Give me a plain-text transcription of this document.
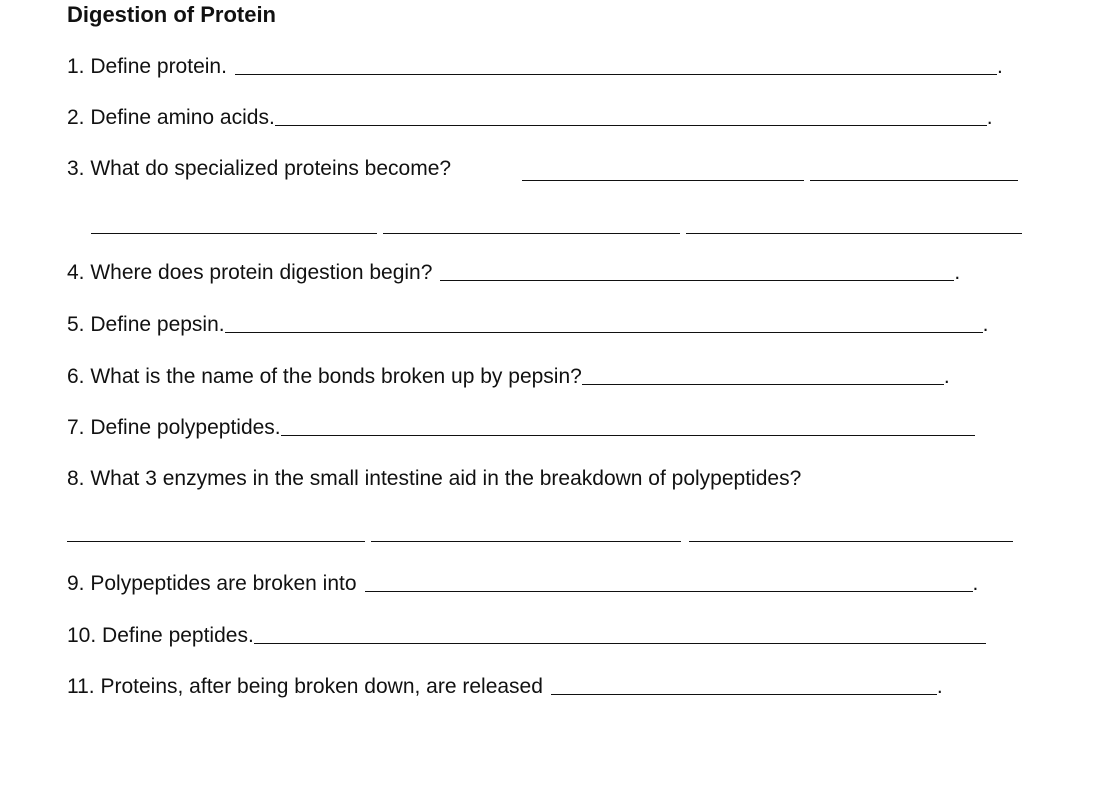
Digestion of Protein
1. Define protein.	.
2. Define amino acids.	.
3. What do specialized proteins become?
4. Where does protein digestion begin?	.
5. Define pepsin.	.
6. What is the name of the bonds broken up by pepsin?	.
7. Define polypeptides.
8. What 3 enzymes in the small intestine aid in the breakdown of polypeptides?
9. Polypeptides are broken into	.
10. Define peptides.
11. Proteins, after being broken down, are released	.
